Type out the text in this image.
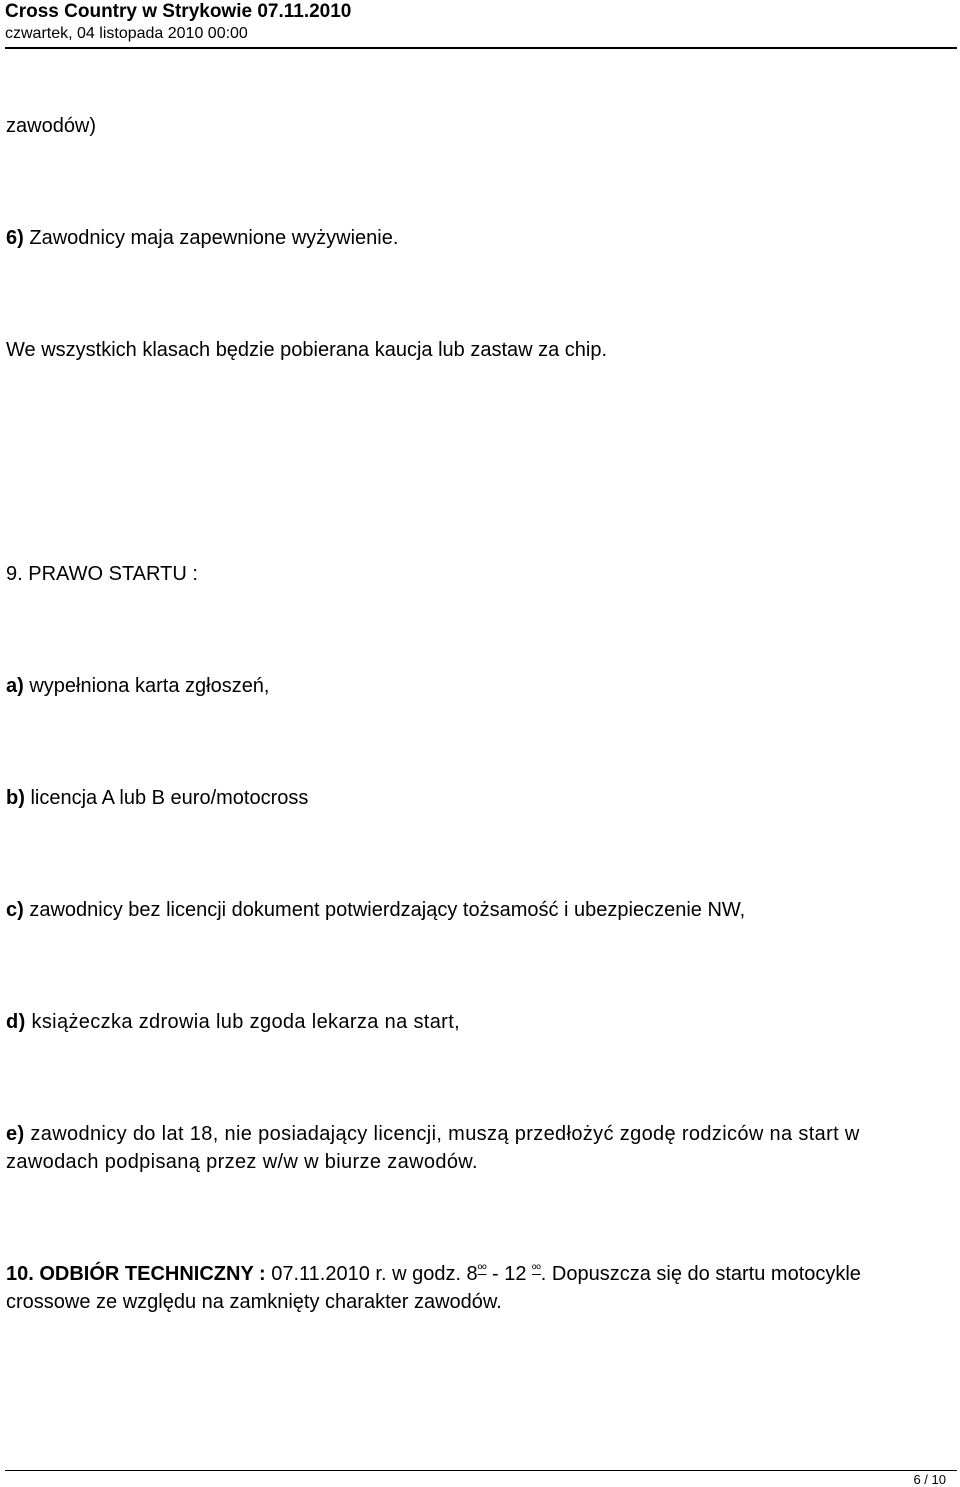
Cross Country w Strykowie 07.11.2010
czwartek, 04 listopada 2010 00:00
zawodów)
6) Zawodnicy maja zapewnione wyżywienie.
We wszystkich klasach będzie pobierana kaucja lub zastaw za chip.
9. PRAWO STARTU :
a) wypełniona karta zgłoszeń,
b) licencja A lub B euro/motocross
c) zawodnicy bez licencji dokument potwierdzający tożsamość i ubezpieczenie NW,
d) książeczka zdrowia lub zgoda lekarza na start,
e) zawodnicy do lat 18, nie posiadający licencji, muszą przedłożyć zgodę rodziców na start w zawodach podpisaną przez w/w w biurze zawodów.
10. ODBIÓR TECHNICZNY : 07.11.2010 r. w godz. $8^{ºº} - 12$ $^{ºº}$. Dopuszcza się do startu motocykle crossowe ze względu na zamknięty charakter zawodów.
6 / 10
